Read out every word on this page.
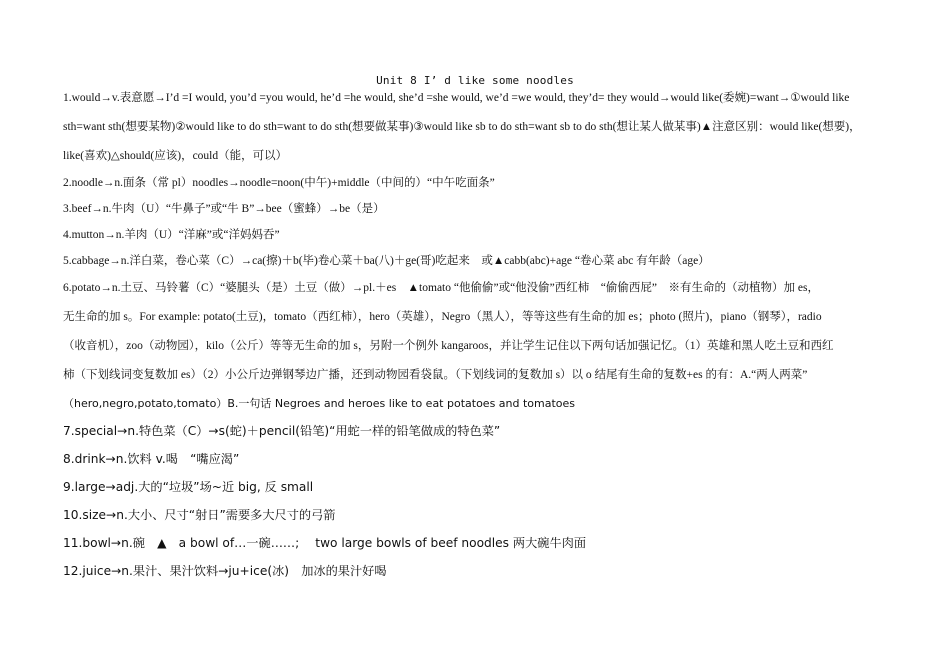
Unit 8 I’ d like some noodles
1.would→v.表意愿→I’d =I would, you’d =you would, he’d =he would, she’d =she would, we’d =we would, they’d= they would→would like(委婉)=want→①would like
sth=want sth(想要某物)②would like to do sth=want to do sth(想要做某事)③would like sb to do sth=want sb to do sth(想让某人做某事)▲注意区别：would like(想要)，
like(喜欢)△should(应该)，could（能，可以）
2.noodle→n.面条（常 pl）noodles→noodle=noon(中午)+middle（中间的）“中午吃面条”
3.beef→n.牛肉（U）“牛鼻子”或“牛 B”→bee（蜜蜂）→be（是）
4.mutton→n.羊肉（U）“洋麻”或“洋妈妈吞”
5.cabbage→n.洋白菜，卷心菜（C）→ca(擦)＋b(毕)卷心菜＋ba(八)＋ge(哥)吃起来　或▲cabb(abc)+age “卷心菜 abc 有年龄（age）
6.potato→n.土豆、马铃薯（C）“婆腿头（是）土豆（做）→pl.＋es　▲tomato “他偷偷”或“他没偷”西红柿　“偷偷西屁”　※有生命的（动植物）加 es，
无生命的加 s。For example: potato(土豆)，tomato（西红柿），hero（英雄），Negro（黑人），等等这些有生命的加 es；photo (照片)，piano（钢琴），radio
（收音机），zoo（动物园），kilo（公斤）等等无生命的加 s，另附一个例外 kangaroos，并让学生记住以下两句话加强记忆。（1）英雄和黑人吃土豆和西红
柿（下划线词变复数加 es）（2）小公斤边弹钢琴边广播，还到动物园看袋鼠。（下划线词的复数加 s）以 o 结尾有生命的复数+es 的有：A.“两人两菜”
（hero,negro,potato,tomato）B.一句话 Negroes and heroes like to eat potatoes and tomatoes
7.special→n.特色菜（C）→s(蛇)＋pencil(铅笔)“用蛇一样的铅笔做成的特色菜”
8.drink→n.饮料 v.喝　“嘴应渴”
9.large→adj.大的“垃圾”场~近 big, 反 small
10.size→n.大小、尺寸“射日”需要多大尺寸的弓箭
11.bowl→n.碗　▲　a bowl of…一碗……;　 two large bowls of beef noodles 两大碗牛肉面
12.juice→n.果汁、果汁饮料→ju+ice(冰)　加冰的果汁好喝
